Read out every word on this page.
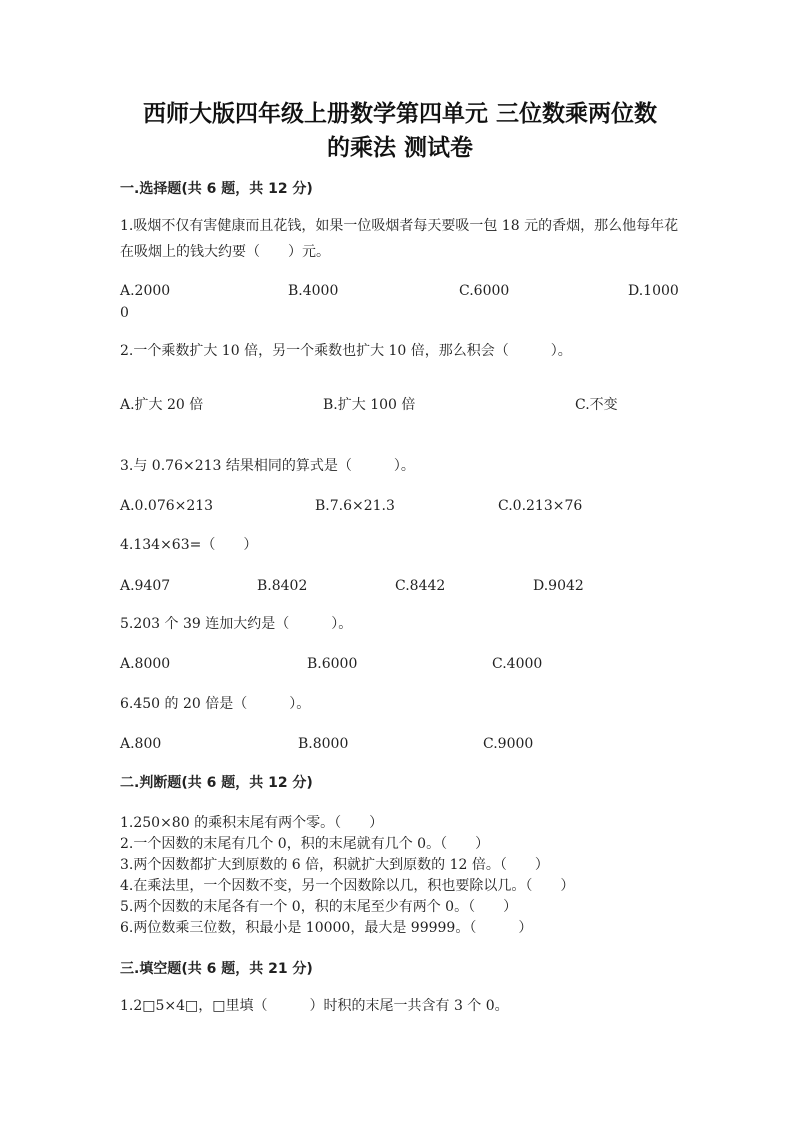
西师大版四年级上册数学第四单元 三位数乘两位数
的乘法 测试卷
一.选择题(共 6 题，共 12 分)
1.吸烟不仅有害健康而且花钱，如果一位吸烟者每天要吸一包 18 元的香烟，那么他每年花在吸烟上的钱大约要（　　）元。
A.2000	B.4000	C.6000	D.1000
0
2.一个乘数扩大 10 倍，另一个乘数也扩大 10 倍，那么积会（　　　）。
A.扩大 20 倍	B.扩大 100 倍	C.不变
3.与 0.76×213 结果相同的算式是（　　　）。
A.0.076×213	B.7.6×21.3	C.0.213×76
4.134×63=（　　）
A.9407	B.8402	C.8442	D.9042
5.203 个 39 连加大约是（　　　）。
A.8000	B.6000	C.4000
6.450 的 20 倍是（　　　）。
A.800	B.8000	C.9000
二.判断题(共 6 题，共 12 分)
1.250×80 的乘积末尾有两个零。（　　）
2.一个因数的末尾有几个 0，积的末尾就有几个 0。（　　）
3.两个因数都扩大到原数的 6 倍，积就扩大到原数的 12 倍。（　　）
4.在乘法里，一个因数不变，另一个因数除以几，积也要除以几。（　　）
5.两个因数的末尾各有一个 0，积的末尾至少有两个 0。（　　）
6.两位数乘三位数，积最小是 10000，最大是 99999。（　　　）
三.填空题(共 6 题，共 21 分)
1.2□5×4□，□里填（　　　）时积的末尾一共含有 3 个 0。
